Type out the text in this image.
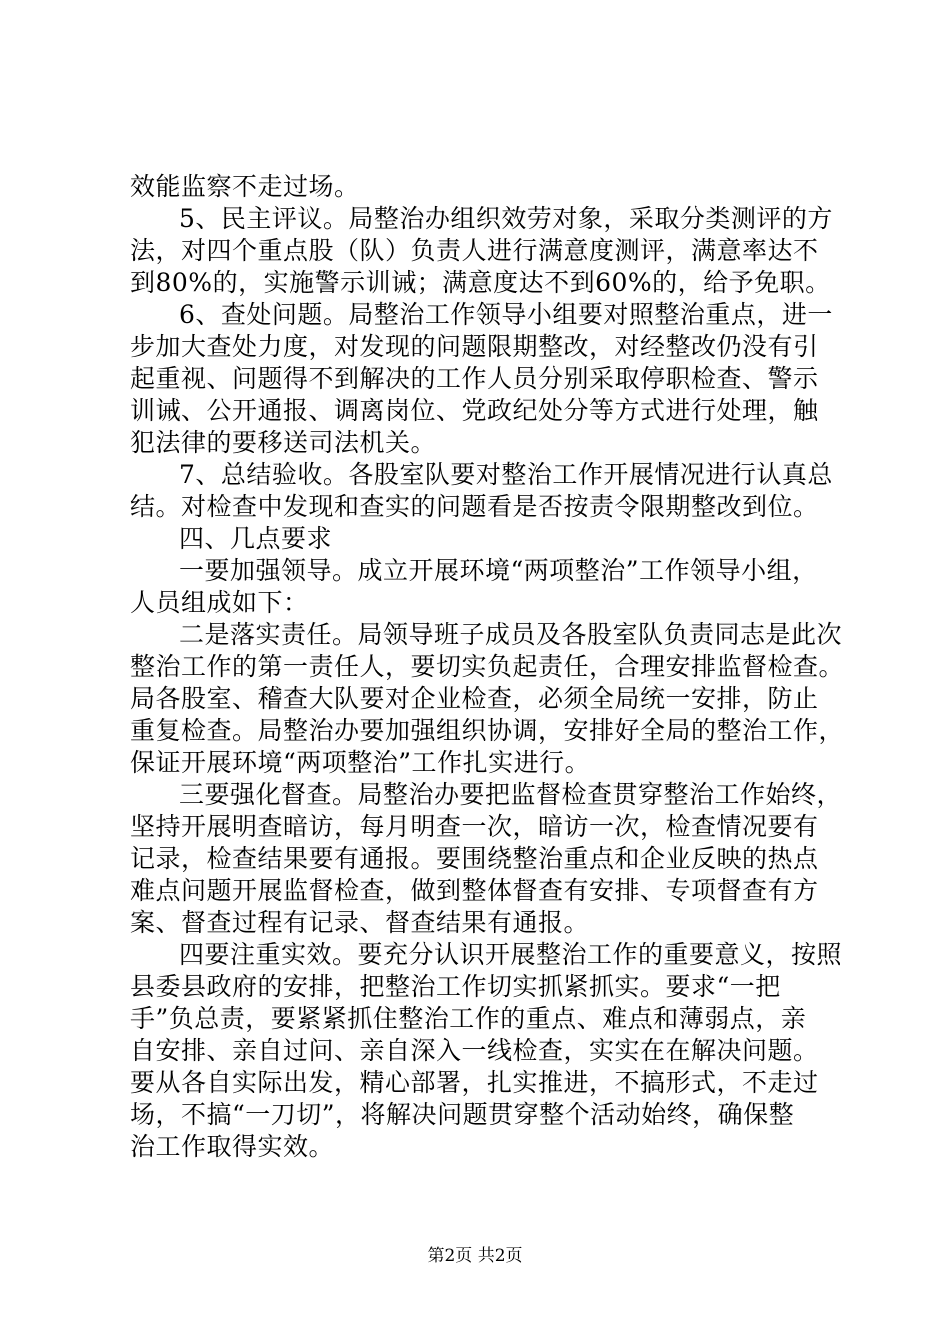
效能监察不走过场。
5、民主评议。局整治办组织效劳对象，采取分类测评的方
法，对四个重点股（队）负责人进行满意度测评，满意率达不
到80%的，实施警示训诫；满意度达不到60%的，给予免职。
6、查处问题。局整治工作领导小组要对照整治重点，进一
步加大查处力度，对发现的问题限期整改，对经整改仍没有引
起重视、问题得不到解决的工作人员分别采取停职检查、警示
训诫、公开通报、调离岗位、党政纪处分等方式进行处理，触
犯法律的要移送司法机关。
7、总结验收。各股室队要对整治工作开展情况进行认真总
结。对检查中发现和查实的问题看是否按责令限期整改到位。
四、几点要求
一要加强领导。成立开展环境“两项整治”工作领导小组，
人员组成如下：
二是落实责任。局领导班子成员及各股室队负责同志是此次
整治工作的第一责任人，要切实负起责任，合理安排监督检查。
局各股室、稽查大队要对企业检查，必须全局统一安排，防止
重复检查。局整治办要加强组织协调，安排好全局的整治工作，
保证开展环境“两项整治”工作扎实进行。
三要强化督查。局整治办要把监督检查贯穿整治工作始终，
坚持开展明查暗访，每月明查一次，暗访一次，检查情况要有
记录，检查结果要有通报。要围绕整治重点和企业反映的热点
难点问题开展监督检查，做到整体督查有安排、专项督查有方
案、督查过程有记录、督查结果有通报。
四要注重实效。要充分认识开展整治工作的重要意义，按照
县委县政府的安排，把整治工作切实抓紧抓实。要求“一把
手”负总责，要紧紧抓住整治工作的重点、难点和薄弱点，亲
自安排、亲自过问、亲自深入一线检查，实实在在解决问题。
要从各自实际出发，精心部署，扎实推进，不搞形式，不走过
场，不搞“一刀切”，将解决问题贯穿整个活动始终，确保整
治工作取得实效。
第2页 共2页
